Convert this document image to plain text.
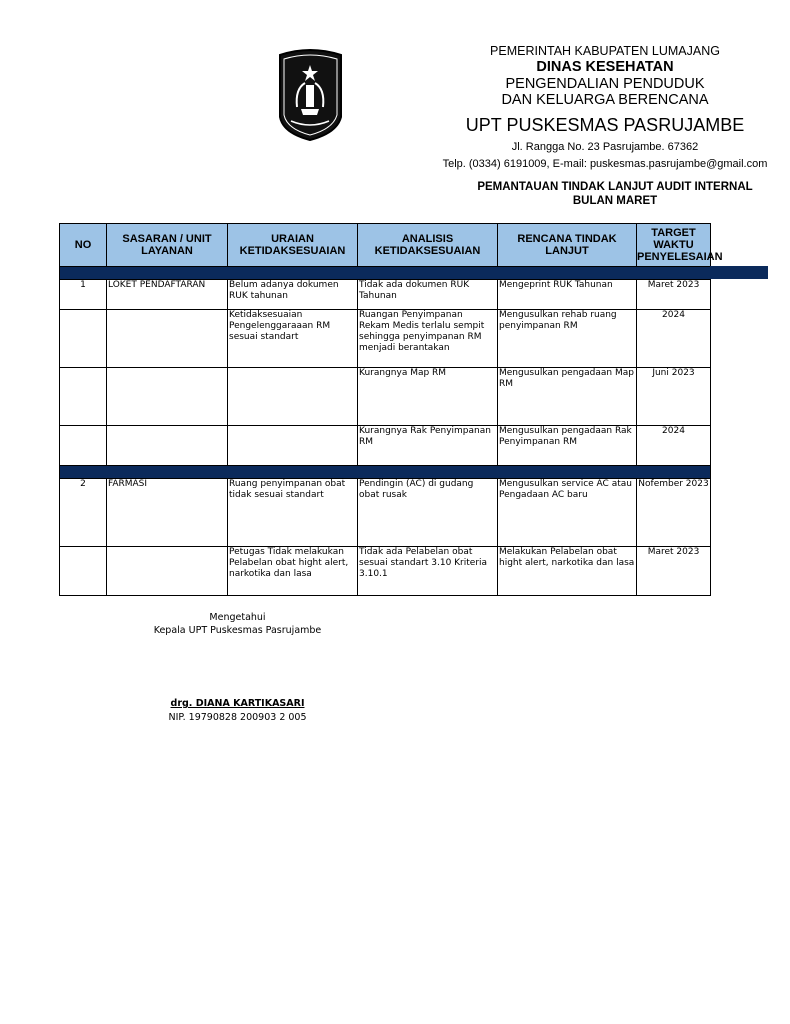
PEMERINTAH KABUPATEN LUMAJANG
DINAS KESEHATAN
PENGENDALIAN PENDUDUK
DAN KELUARGA BERENCANA
UPT PUSKESMAS PASRUJAMBE
Jl. Rangga No. 23 Pasrujambe. 67362
Telp. (0334) 6191009, E-mail: puskesmas.pasrujambe@gmail.com
PEMANTAUAN TINDAK LANJUT AUDIT INTERNAL
BULAN MARET
NO	SASARAN / UNIT LAYANAN	URAIAN KETIDAKSESUAIAN	ANALISIS KETIDAKSESUAIAN	RENCANA TINDAK LANJUT	TARGET WAKTU PENYELESAIAN

1	LOKET PENDAFTARAN	Belum adanya dokumen RUK tahunan	Tidak ada dokumen RUK Tahunan	Mengeprint RUK Tahunan	Maret 2023
		Ketidaksesuaian Pengelenggaraaan RM sesuai standart	Ruangan Penyimpanan Rekam Medis terlalu sempit sehingga penyimpanan RM menjadi berantakan	Mengusulkan rehab ruang penyimpanan RM	2024
			Kurangnya Map RM	Mengusulkan pengadaan Map RM	Juni 2023
			Kurangnya Rak Penyimpanan RM	Mengusulkan pengadaan Rak Penyimpanan RM	2024

2	FARMASI	Ruang penyimpanan obat tidak sesuai standart	Pendingin (AC) di gudang obat rusak	Mengusulkan service AC atau Pengadaan AC baru	Nofember 2023
		Petugas Tidak melakukan Pelabelan obat hight alert, narkotika dan lasa	Tidak ada Pelabelan obat sesuai standart 3.10 Kriteria 3.10.1	Melakukan Pelabelan obat hight alert, narkotika dan lasa	Maret 2023
Mengetahui
Kepala UPT Puskesmas Pasrujambe
drg. DIANA KARTIKASARI
NIP. 19790828 200903 2 005
